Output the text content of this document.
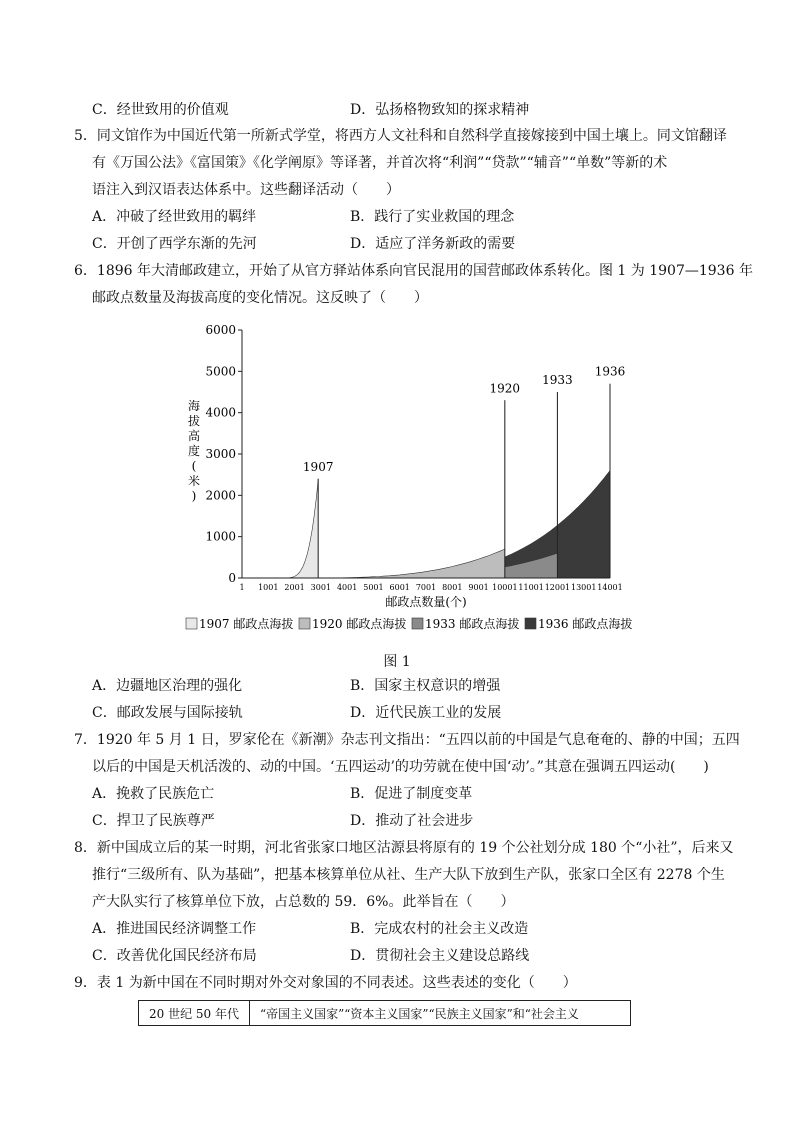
C．经世致用的价值观	D．弘扬格物致知的探求精神
5．同文馆作为中国近代第一所新式学堂，将西方人文社科和自然科学直接嫁接到中国土壤上。同文馆翻译
有《万国公法》《富国策》《化学阐原》等译著，并首次将“利润”“贷款”“辅音”“单数”等新的术
语注入到汉语表达体系中。这些翻译活动（　　）
A．冲破了经世致用的羁绊	B．践行了实业救国的理念
C．开创了西学东渐的先河	D．适应了洋务新政的需要
6．1896 年大清邮政建立，开始了从官方驿站体系向官民混用的国营邮政体系转化。图 1 为 1907—1936 年
邮政点数量及海拔高度的变化情况。这反映了（　　）
1936
1933
1920
1907
0
1000
2000
3000
4000
5000
6000
1 1001 2001 3001 4001 5001 6001 7001 8001 9001 10001 11001 12001 13001 14001
海
拔
高
度
(
米
)
邮政点数量(个)
1907 邮政点海拔 1920 邮政点海拔 1933 邮政点海拔 1936 邮政点海拔
图 1
A．边疆地区治理的强化	B．国家主权意识的增强
C．邮政发展与国际接轨	D．近代民族工业的发展
7．1920 年 5 月 1 日，罗家伦在《新潮》杂志刊文指出：“五四以前的中国是气息奄奄的、静的中国；五四
以后的中国是天机活泼的、动的中国。‘五四运动’的功劳就在使中国‘动’。”其意在强调五四运动(　　)
A．挽救了民族危亡	B．促进了制度变革
C．捍卫了民族尊严	D．推动了社会进步
8．新中国成立后的某一时期，河北省张家口地区沽源县将原有的 19 个公社划分成 180 个“小社”，后来又
推行“三级所有、队为基础”，把基本核算单位从社、生产大队下放到生产队，张家口全区有 2278 个生
产大队实行了核算单位下放，占总数的 59．6%。此举旨在（　　）
A．推进国民经济调整工作	B．完成农村的社会主义改造
C．改善优化国民经济布局	D．贯彻社会主义建设总路线
9．表 1 为新中国在不同时期对外交对象国的不同表述。这些表述的变化（　　）
20 世纪 50 年代	“帝国主义国家”“资本主义国家”“民族主义国家”和“社会主义
